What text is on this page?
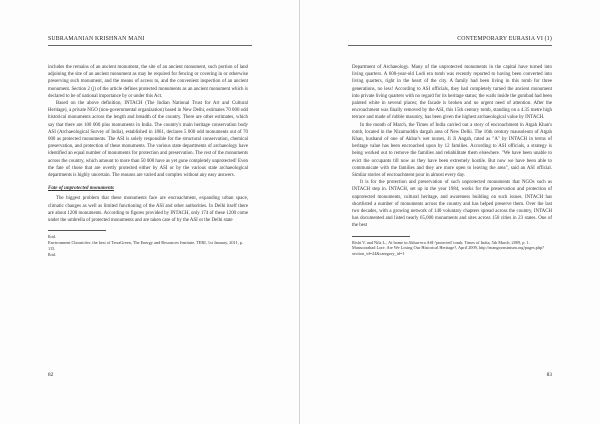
SUBRAMANIAN KRISHNAN MANI

includes the remains of an ancient monument, the site of an ancient monument, such portion of land adjoining the site of an ancient monument as may be required for fencing or covering in or otherwise preserving such monument, and the means of access to, and the convenient inspection of an ancient monument. Section 2 (j) of the article defines protected monuments as an ancient monument which is declared to be of national importance by or under this Act.

Based on the above definition, INTACH (The Indian National Trust for Art and Cultural Heritage), a private NGO (non-governmental organization) based in New Delhi, estimates 70 000 odd historical monuments across the length and breadth of the country. There are other estimates, which say that there are 100 000 plus monuments in India. The country's main heritage conservation body ASI (Archaeological Survey of India), established in 1861, declares 5 000 odd monuments out of 70 000 as protected monuments. The ASI is solely responsible for the structural conservation, chemical preservation, and protection of these monuments. The various state departments of archaeology have identified an equal number of monuments for protection and preservation. The rest of the monuments across the country, which amount to more than 50 000 have as yet gone completely unprotected! Even the fate of those that are overtly protected either by ASI or by the various state archaeological departments is highly uncertain. The reasons are varied and complex without any easy answers.

Fate of unprotected monuments

The biggest problem that these monuments face are encroachment, expanding urban space, climatic changes as well as limited functioning of the ASI and other authorities. In Delhi itself there are about 1200 monuments. According to figures provided by INTACH, only 174 of these 1200 come under the umbrella of protected monuments and are taken care of by the ASI or the Delhi state

Ibid.

Environment Chronicles: the best of TerraGreen, The Energy and Resources Institute, TERI, 1st January, 2011, p. 115.

Ibid.

82
CONTEMPORARY EURASIA VI (1)

Department of Archaeology. Many of the unprotected monuments in the capital have turned into living quarters. A 600-year-old Lodi era tomb was recently reported to having been converted into living quarters, right in the heart of the city. A family had been living in this tomb for three generations, no less! According to ASI officials, they had completely turned the ancient monument into private living quarters with no regard for its heritage status; the walls inside the gumbad had been painted white in several places; the facade is broken and no urgent need of attention. After the encroachment was finally removed by the ASI, this 15th century tomb, standing on a 4.35 metre high terrace and made of rubble masonry, has been given the highest archaeological value by INTACH.

In the month of March, the Times of India carried out a story of encroachment in Atgah Khan's tomb, located in the Nizamuddin dargah area of New Delhi. The 16th century mausoleum of Atgah Khan, husband of one of Akbar's wet nurses, Ji Ji Angah, rated as "A" by INTACH in terms of heritage value has been encroached upon by 12 families. According to ASI officials, a strategy is being worked out to remove the families and rehabilitate them elsewhere. "We have been unable to evict the occupants till now as they have been extremely hostile. But now we have been able to communicate with the families and they are more open to leaving the area", said an ASI official. Similar stories of encroachment pour in almost every day.

It is for the protection and preservation of such unprotected monuments that NGOs such as INTACH step in. INTACH, set up in the year 1984, works for the preservation and protection of unprotected monuments, cultural heritage, and awareness building on such issues. INTACH has shortlisted a number of monuments across the country and has helped preserve them. Over the last two decades, with a growing network of 140 voluntary chapters spread across the country, INTACH has documented and listed nearly 65,000 monuments and sites across 150 cities in 23 states. One of the best

Rishi V. and Nila L., At home in Akbar-era ASI-'protected' tomb, Times of India, 5th March, 2009, p. 1.

Mansoorabad Lore. Are We Losing Our Historical Heritage?, April 2009, http://mangoonsinium.org/pages.php?section_id=24&category_id=1

83
